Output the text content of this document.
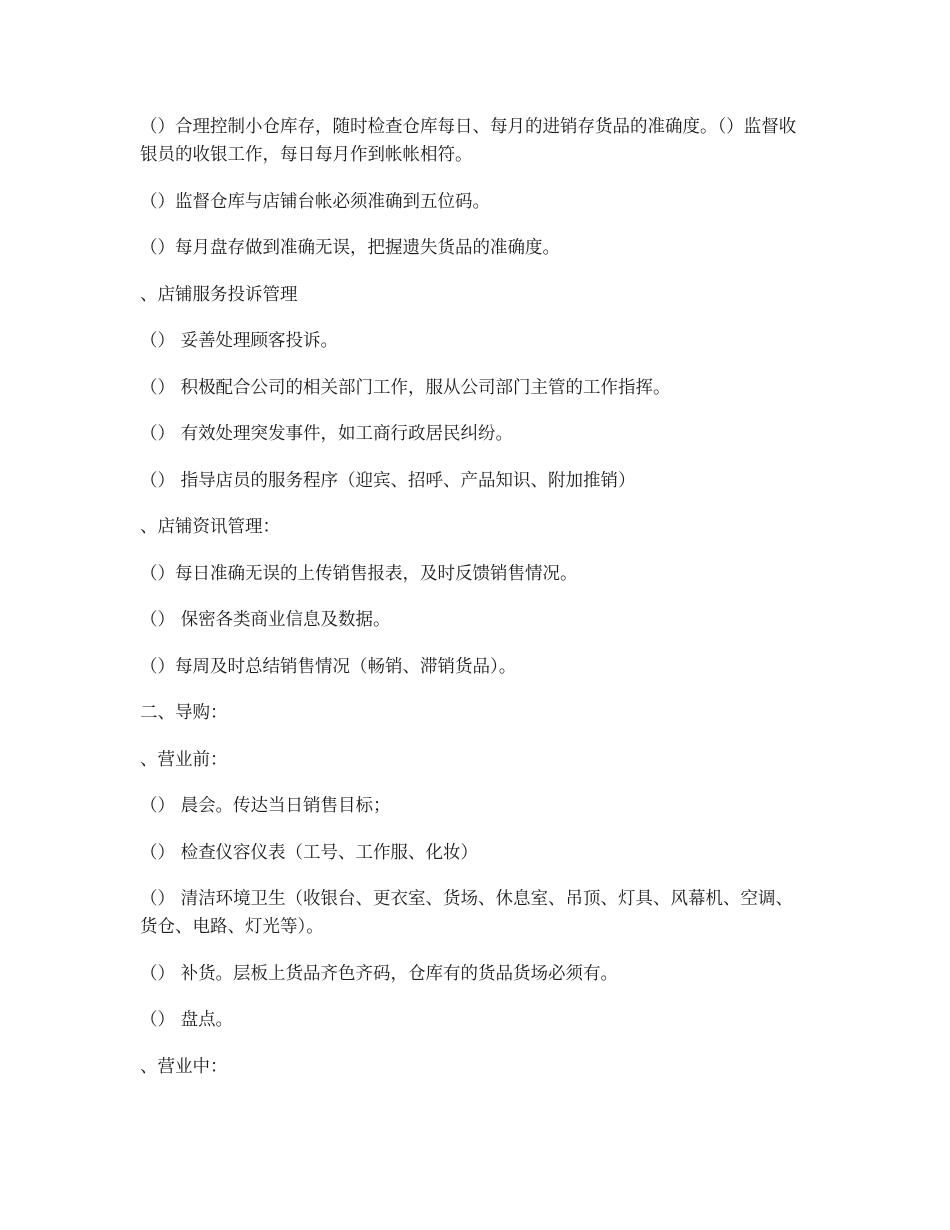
（）合理控制小仓库存，随时检查仓库每日、每月的进销存货品的准确度。（）监督收银员的收银工作，每日每月作到帐帐相符。

（）监督仓库与店铺台帐必须准确到五位码。

（）每月盘存做到准确无误，把握遗失货品的准确度。

、店铺服务投诉管理

（） 妥善处理顾客投诉。

（） 积极配合公司的相关部门工作，服从公司部门主管的工作指挥。

（） 有效处理突发事件，如工商行政居民纠纷。

（） 指导店员的服务程序（迎宾、招呼、产品知识、附加推销）

、店铺资讯管理：

（）每日准确无误的上传销售报表，及时反馈销售情况。

（） 保密各类商业信息及数据。

（）每周及时总结销售情况（畅销、滞销货品）。

二、导购：

、营业前：

（） 晨会。传达当日销售目标；

（） 检查仪容仪表（工号、工作服、化妆）

（） 清洁环境卫生（收银台、更衣室、货场、休息室、吊顶、灯具、风幕机、空调、货仓、电路、灯光等）。

（） 补货。层板上货品齐色齐码，仓库有的货品货场必须有。

（） 盘点。

、营业中：
